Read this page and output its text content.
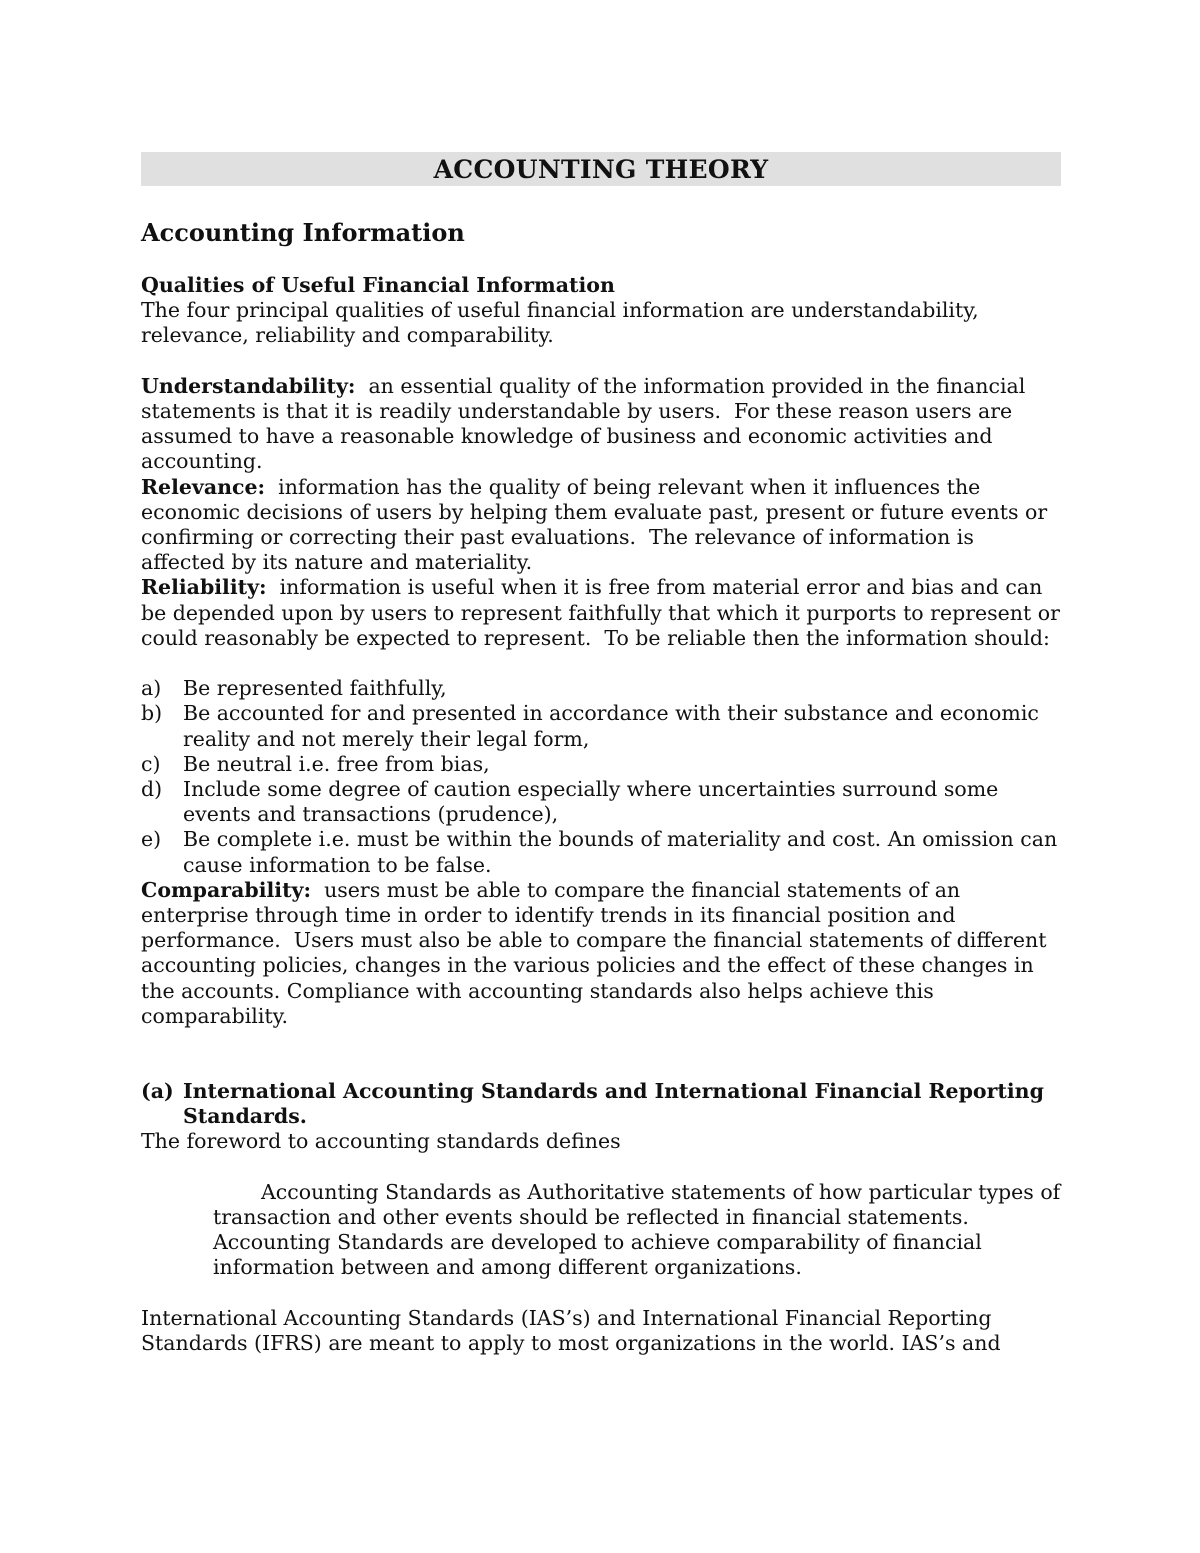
ACCOUNTING THEORY
Accounting Information
Qualities of Useful Financial Information

The four principal qualities of useful financial information are understandability, relevance, reliability and comparability.

Understandability:  an essential quality of the information provided in the financial statements is that it is readily understandable by users.  For these reason users are assumed to have a reasonable knowledge of business and economic activities and accounting.

Relevance:  information has the quality of being relevant when it influences the economic decisions of users by helping them evaluate past, present or future events or confirming or correcting their past evaluations.  The relevance of information is affected by its nature and materiality.

Reliability:  information is useful when it is free from material error and bias and can be depended upon by users to represent faithfully that which it purports to represent or could reasonably be expected to represent.  To be reliable then the information should:

a) Be represented faithfully,
b) Be accounted for and presented in accordance with their substance and economic reality and not merely their legal form,
c) Be neutral i.e. free from bias,
d) Include some degree of caution especially where uncertainties surround some events and transactions (prudence),
e) Be complete i.e. must be within the bounds of materiality and cost. An omission can cause information to be false.

Comparability:  users must be able to compare the financial statements of an enterprise through time in order to identify trends in its financial position and performance.  Users must also be able to compare the financial statements of different accounting policies, changes in the various policies and the effect of these changes in the accounts. Compliance with accounting standards also helps achieve this comparability.

(a) International Accounting Standards and International Financial Reporting Standards.

The foreword to accounting standards defines

Accounting Standards as Authoritative statements of how particular types of transaction and other events should be reflected in financial statements. Accounting Standards are developed to achieve comparability of financial information between and among different organizations.

International Accounting Standards (IAS’s) and International Financial Reporting Standards (IFRS) are meant to apply to most organizations in the world. IAS’s and
